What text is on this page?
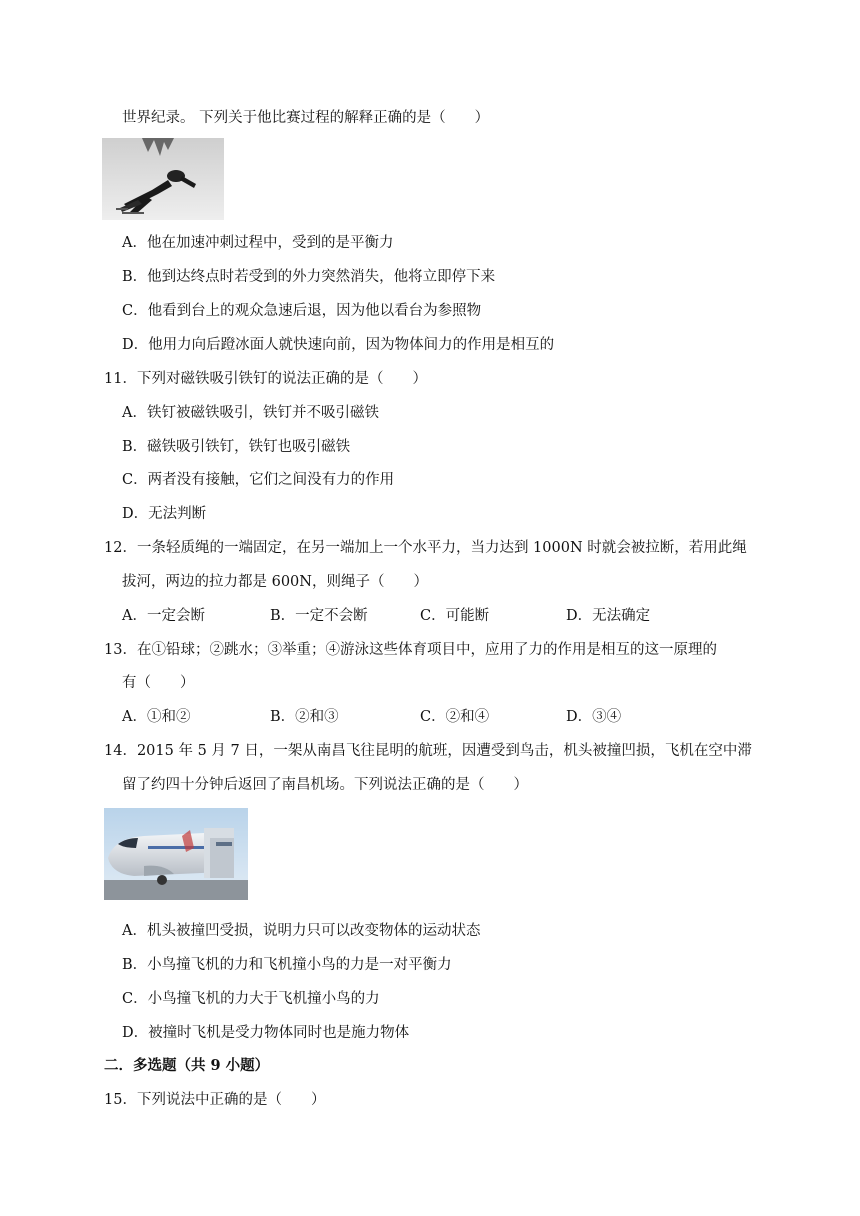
世界纪录。 下列关于他比赛过程的解释正确的是（　　）
A．他在加速冲刺过程中，受到的是平衡力
B．他到达终点时若受到的外力突然消失，他将立即停下来
C．他看到台上的观众急速后退，因为他以看台为参照物
D．他用力向后蹬冰面人就快速向前，因为物体间力的作用是相互的
11．下列对磁铁吸引铁钉的说法正确的是（　　）
A．铁钉被磁铁吸引，铁钉并不吸引磁铁
B．磁铁吸引铁钉，铁钉也吸引磁铁
C．两者没有接触，它们之间没有力的作用
D．无法判断
12．一条轻质绳的一端固定，在另一端加上一个水平力，当力达到 1000N 时就会被拉断，若用此绳
拔河，两边的拉力都是 600N，则绳子（　　）
A．一定会断	B．一定不会断	C．可能断	D．无法确定
13．在①铅球；②跳水；③举重；④游泳这些体育项目中，应用了力的作用是相互的这一原理的
有（　　）
A．①和②	B．②和③	C．②和④	D．③④
14．2015 年 5 月 7 日，一架从南昌飞往昆明的航班，因遭受到鸟击，机头被撞凹损，飞机在空中滞
留了约四十分钟后返回了南昌机场。下列说法正确的是（　　）
A．机头被撞凹受损，说明力只可以改变物体的运动状态
B．小鸟撞飞机的力和飞机撞小鸟的力是一对平衡力
C．小鸟撞飞机的力大于飞机撞小鸟的力
D．被撞时飞机是受力物体同时也是施力物体
二．多选题（共 9 小题）
15．下列说法中正确的是（　　）
